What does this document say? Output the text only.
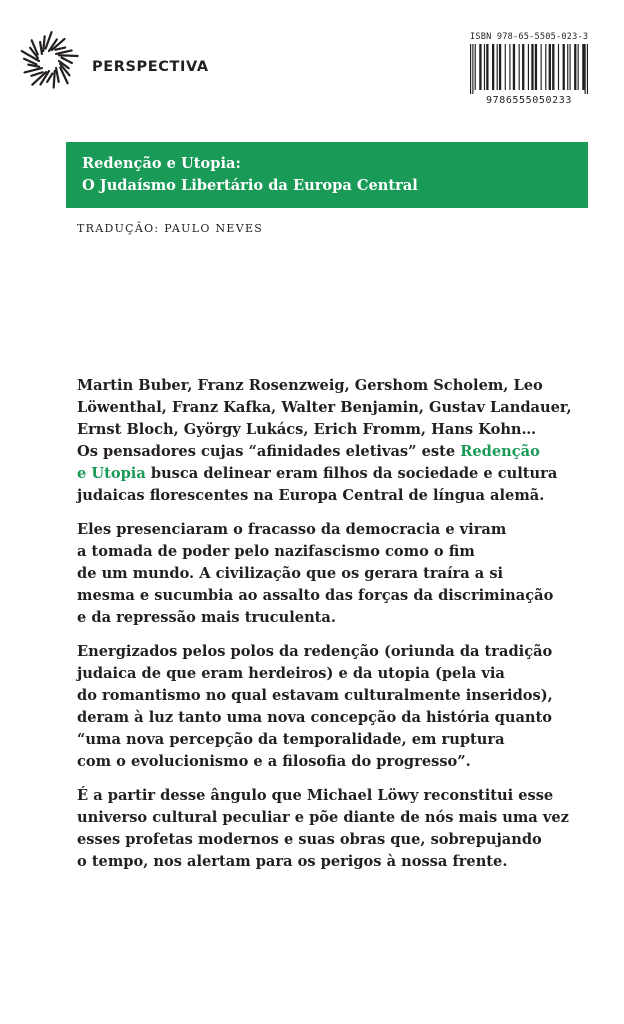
PERSPECTIVA
ISBN 978-65-5505-023-3
9786555050233
Redenção e Utopia:
O Judaísmo Libertário da Europa Central
TRADUÇÃO: PAULO NEVES

Martin Buber, Franz Rosenzweig, Gershom Scholem, Leo
Löwenthal, Franz Kafka, Walter Benjamin, Gustav Landauer,
Ernst Bloch, György Lukács, Erich Fromm, Hans Kohn…
Os pensadores cujas “afinidades eletivas” este Redenção
e Utopia busca delinear eram filhos da sociedade e cultura
judaicas florescentes na Europa Central de língua alemã.

Eles presenciaram o fracasso da democracia e viram
a tomada de poder pelo nazifascismo como o fim
de um mundo. A civilização que os gerara traíra a si
mesma e sucumbia ao assalto das forças da discriminação
e da repressão mais truculenta.

Energizados pelos polos da redenção (oriunda da tradição
judaica de que eram herdeiros) e da utopia (pela via
do romantismo no qual estavam culturalmente inseridos),
deram à luz tanto uma nova concepção da história quanto
“uma nova percepção da temporalidade, em ruptura
com o evolucionismo e a filosofia do progresso”.

É a partir desse ângulo que Michael Löwy reconstitui esse
universo cultural peculiar e põe diante de nós mais uma vez
esses profetas modernos e suas obras que, sobrepujando
o tempo, nos alertam para os perigos à nossa frente.
